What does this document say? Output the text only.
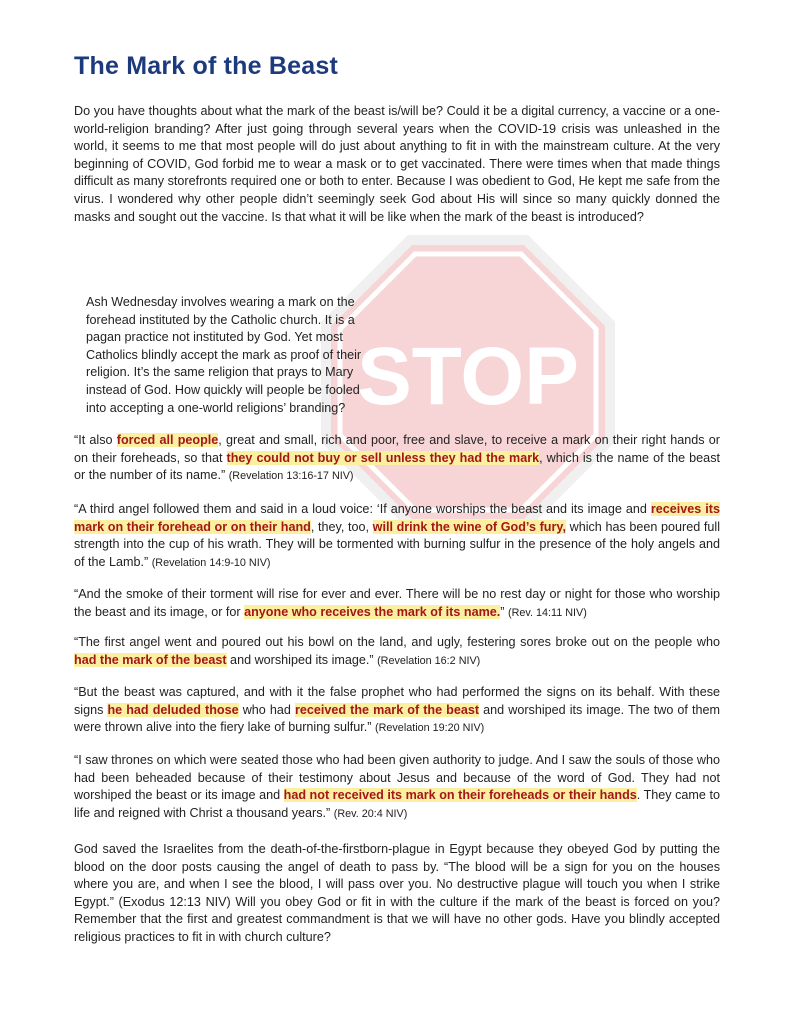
STOP
The Mark of the Beast

Do you have thoughts about what the mark of the beast is/will be? Could it be a digital currency, a vaccine or a one-world-religion branding? After just going through several years when the COVID-19 crisis was unleashed in the world, it seems to me that most people will do just about anything to fit in with the mainstream culture. At the very beginning of COVID, God forbid me to wear a mask or to get vaccinated. There were times when that made things difficult as many storefronts required one or both to enter. Because I was obedient to God, He kept me safe from the virus. I wondered why other people didn’t seemingly seek God about His will since so many quickly donned the masks and sought out the vaccine. Is that what it will be like when the mark of the beast is introduced?

Ash Wednesday involves wearing a mark on the forehead instituted by the Catholic church. It is a pagan practice not instituted by God. Yet most Catholics blindly accept the mark as proof of their religion. It’s the same religion that prays to Mary instead of God. How quickly will people be fooled into accepting a one-world religions’ branding?

“It also forced all people, great and small, rich and poor, free and slave, to receive a mark on their right hands or on their foreheads, so that they could not buy or sell unless they had the mark, which is the name of the beast or the number of its name.” (Revelation 13:16-17 NIV)

“A third angel followed them and said in a loud voice: ‘If anyone worships the beast and its image and receives its mark on their forehead or on their hand, they, too, will drink the wine of God’s fury, which has been poured full strength into the cup of his wrath. They will be tormented with burning sulfur in the presence of the holy angels and of the Lamb.” (Revelation 14:9-10 NIV)

“And the smoke of their torment will rise for ever and ever. There will be no rest day or night for those who worship the beast and its image, or for anyone who receives the mark of its name.” (Rev. 14:11 NIV)

“The first angel went and poured out his bowl on the land, and ugly, festering sores broke out on the people who had the mark of the beast and worshiped its image.” (Revelation 16:2 NIV)

“But the beast was captured, and with it the false prophet who had performed the signs on its behalf. With these signs he had deluded those who had received the mark of the beast and worshiped its image. The two of them were thrown alive into the fiery lake of burning sulfur.” (Revelation 19:20 NIV)

“I saw thrones on which were seated those who had been given authority to judge. And I saw the souls of those who had been beheaded because of their testimony about Jesus and because of the word of God. They had not worshiped the beast or its image and had not received its mark on their foreheads or their hands. They came to life and reigned with Christ a thousand years.” (Rev. 20:4 NIV)

God saved the Israelites from the death-of-the-firstborn-plague in Egypt because they obeyed God by putting the blood on the door posts causing the angel of death to pass by. “The blood will be a sign for you on the houses where you are, and when I see the blood, I will pass over you. No destructive plague will touch you when I strike Egypt.” (Exodus 12:13 NIV) Will you obey God or fit in with the culture if the mark of the beast is forced on you? Remember that the first and greatest commandment is that we will have no other gods. Have you blindly accepted religious practices to fit in with church culture?
